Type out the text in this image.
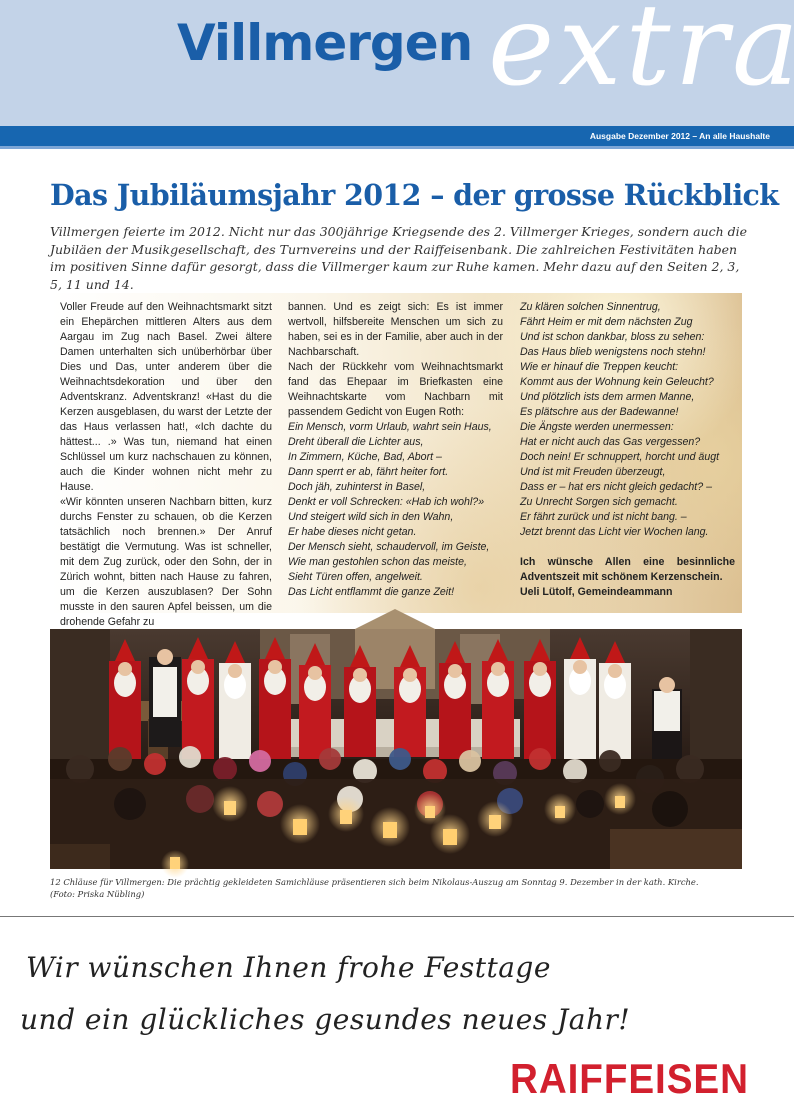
Villmergen extra
Ausgabe Dezember 2012 – An alle Haushalte
Das Jubiläumsjahr 2012 – der grosse Rückblick

Villmergen feierte im 2012. Nicht nur das 300jährige Kriegsende des 2. Villmerger Krieges, sondern auch die Jubiläen der Musikgesellschaft, des Turnvereins und der Raiffeisenbank. Die zahlreichen Festivitäten haben im positiven Sinne dafür gesorgt, dass die Villmerger kaum zur Ruhe kamen. Mehr dazu auf den Seiten 2, 3, 5, 11 und 14.

Voller Freude auf den Weihnachtsmarkt sitzt ein Ehepärchen mittleren Alters aus dem Aargau im Zug nach Basel. Zwei ältere Damen unterhalten sich unüberhörbar über Dies und Das, unter anderem über die Weihnachtsdekoration und über den Adventskranz. Adventskranz! «Hast du die Kerzen ausgeblasen, du warst der Letzte der das Haus verlassen hat!, «Ich dachte du hättest... .» Was tun, niemand hat einen Schlüssel um kurz nachschauen zu können, auch die Kinder wohnen nicht mehr zu Hause.

«Wir könnten unseren Nachbarn bitten, kurz durchs Fenster zu schauen, ob die Kerzen tatsächlich noch brennen.» Der Anruf bestätigt die Vermutung. Was ist schneller, mit dem Zug zurück, oder den Sohn, der in Zürich wohnt, bitten nach Hause zu fahren, um die Kerzen auszublasen? Der Sohn musste in den sauren Apfel beissen, um die drohende Gefahr zu

bannen. Und es zeigt sich: Es ist immer wertvoll, hilfsbereite Menschen um sich zu haben, sei es in der Familie, aber auch in der Nachbarschaft.

Nach der Rückkehr vom Weihnachtsmarkt fand das Ehepaar im Briefkasten eine Weihnachtskarte vom Nachbarn mit passendem Gedicht von Eugen Roth:

Ein Mensch, vorm Urlaub, wahrt sein Haus,
Dreht überall die Lichter aus,
In Zimmern, Küche, Bad, Abort –
Dann sperrt er ab, fährt heiter fort.
Doch jäh, zuhinterst in Basel,
Denkt er voll Schrecken: «Hab ich wohl?»
Und steigert wild sich in den Wahn,
Er habe dieses nicht getan.
Der Mensch sieht, schaudervoll, im Geiste,
Wie man gestohlen schon das meiste,
Sieht Türen offen, angelweit.
Das Licht entflammt die ganze Zeit!
Zu klären solchen Sinnentrug,
Fährt Heim er mit dem nächsten Zug
Und ist schon dankbar, bloss zu sehen:
Das Haus blieb wenigstens noch stehn!
Wie er hinauf die Treppen keucht:
Kommt aus der Wohnung kein Geleucht?
Und plötzlich ists dem armen Manne,
Es plätschre aus der Badewanne!
Die Ängste werden unermessen:
Hat er nicht auch das Gas vergessen?
Doch nein! Er schnuppert, horcht und äugt
Und ist mit Freuden überzeugt,
Dass er – hat ers nicht gleich gedacht? –
Zu Unrecht Sorgen sich gemacht.
Er fährt zurück und ist nicht bang. –
Jetzt brennt das Licht vier Wochen lang.

Ich wünsche Allen eine besinnliche Adventszeit mit schönem Kerzenschein.

Ueli Lütolf, Gemeindeammann

12 Chläuse für Villmergen: Die prächtig gekleideten Samichläuse präsentieren sich beim Nikolaus-Auszug am Sonntag 9. Dezember in der kath. Kirche.
(Foto: Priska Nübling)

Wir wünschen Ihnen frohe Festtage
und ein glückliches gesundes neues Jahr!
RAIFFEISEN
